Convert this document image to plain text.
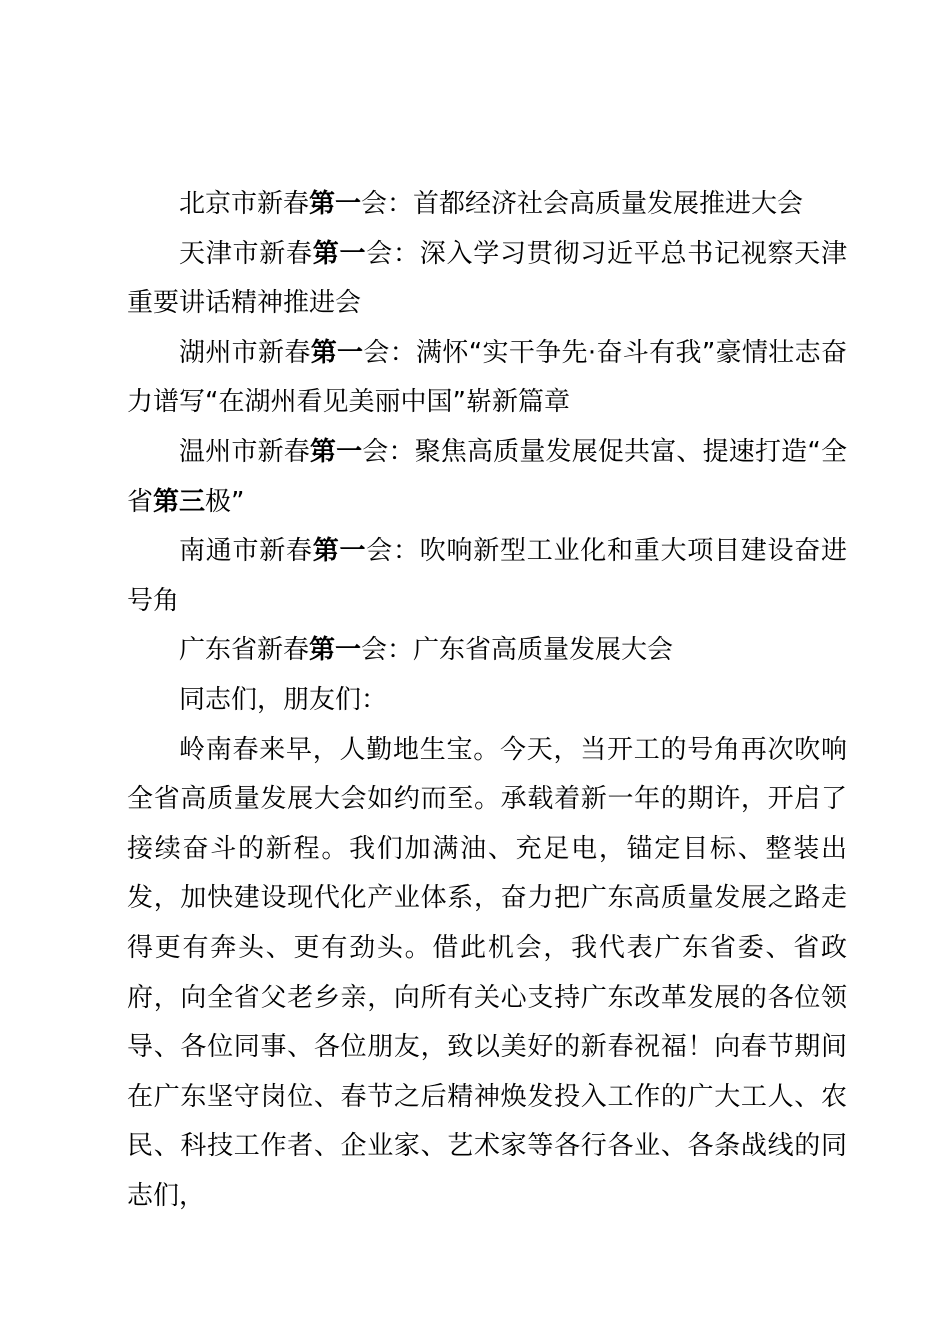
北京市新春第一会：首都经济社会高质量发展推进大会

天津市新春第一会：深入学习贯彻习近平总书记视察天津重要讲话精神推进会

湖州市新春第一会：满怀“实干争先·奋斗有我”豪情壮志奋力谱写“在湖州看见美丽中国”崭新篇章

温州市新春第一会：聚焦高质量发展促共富、提速打造“全省第三极”

南通市新春第一会：吹响新型工业化和重大项目建设奋进号角

广东省新春第一会：广东省高质量发展大会

同志们，朋友们：

岭南春来早，人勤地生宝。今天，当开工的号角再次吹响全省高质量发展大会如约而至。承载着新一年的期许，开启了接续奋斗的新程。我们加满油、充足电，锚定目标、整装出发，加快建设现代化产业体系，奋力把广东高质量发展之路走得更有奔头、更有劲头。借此机会，我代表广东省委、省政府，向全省父老乡亲，向所有关心支持广东改革发展的各位领导、各位同事、各位朋友，致以美好的新春祝福！向春节期间在广东坚守岗位、春节之后精神焕发投入工作的广大工人、农民、科技工作者、企业家、艺术家等各行各业、各条战线的同志们，
